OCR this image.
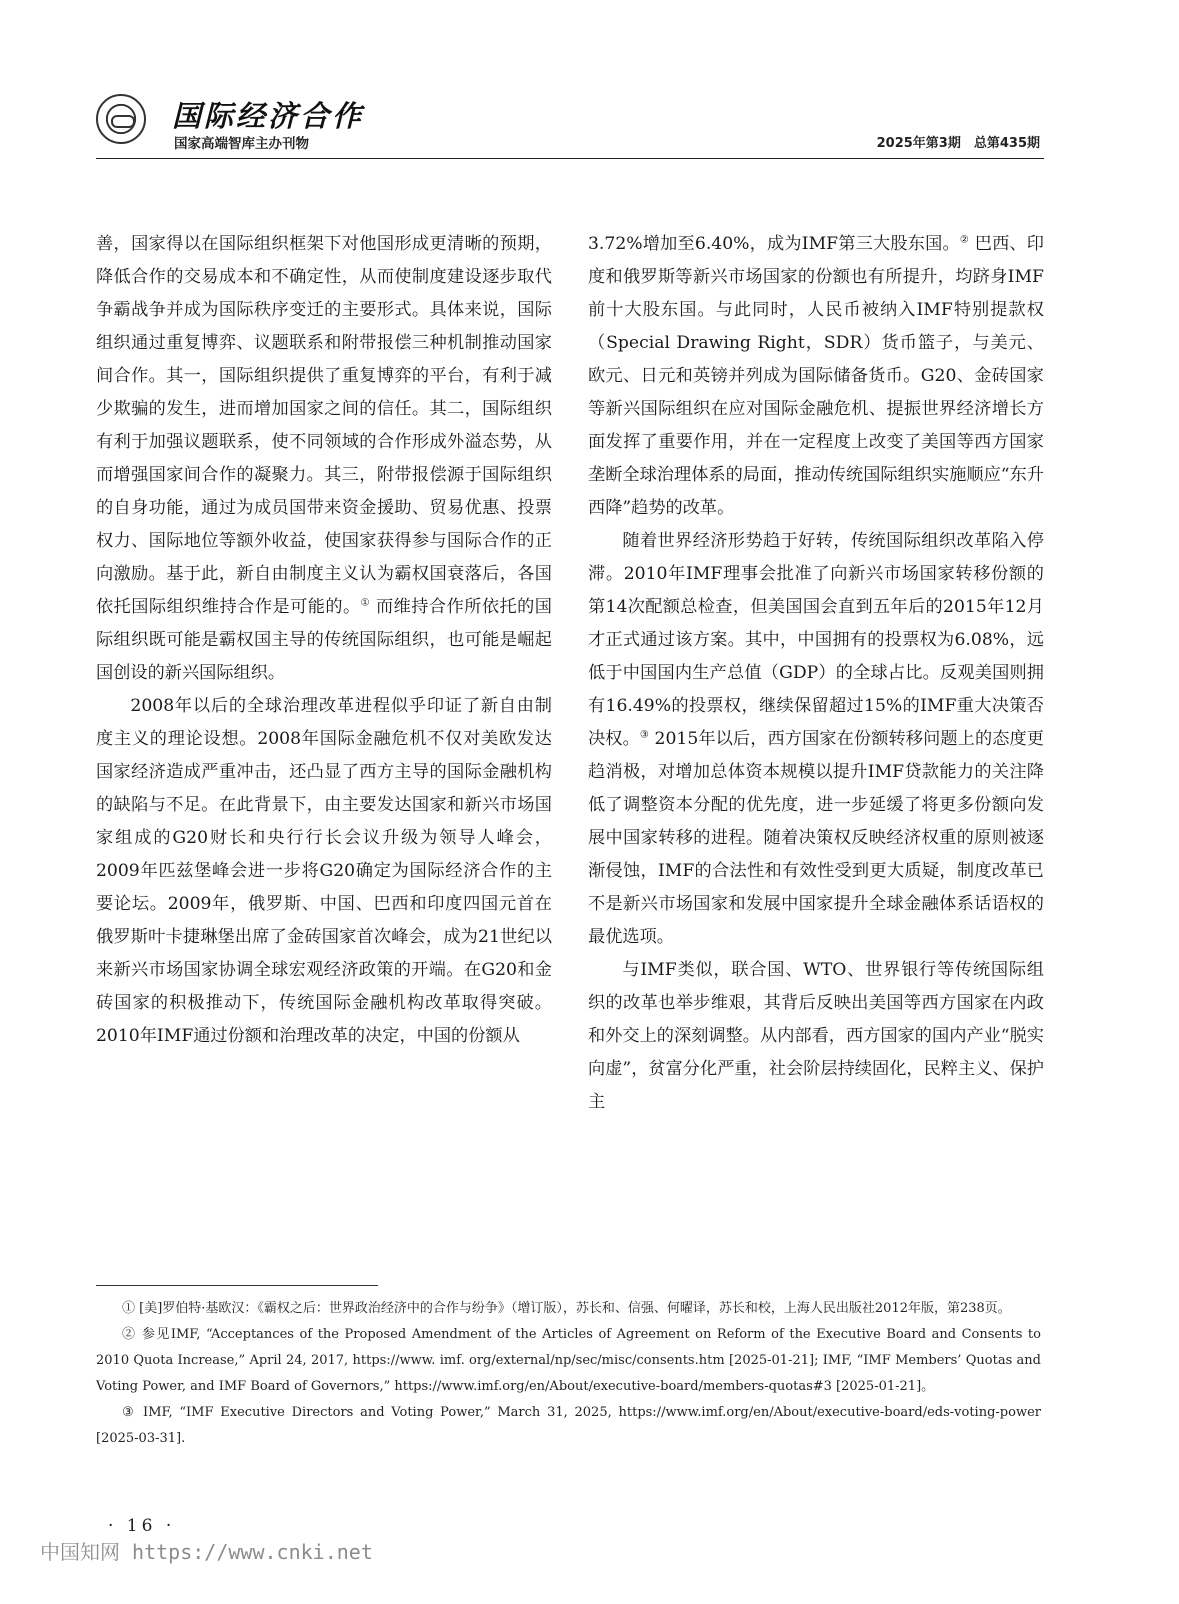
国际经济合作
国家高端智库主办刊物	2025年第3期　总第435期

善，国家得以在国际组织框架下对他国形成更清晰的预期，降低合作的交易成本和不确定性，从而使制度建设逐步取代争霸战争并成为国际秩序变迁的主要形式。具体来说，国际组织通过重复博弈、议题联系和附带报偿三种机制推动国家间合作。其一，国际组织提供了重复博弈的平台，有利于减少欺骗的发生，进而增加国家之间的信任。其二，国际组织有利于加强议题联系，使不同领域的合作形成外溢态势，从而增强国家间合作的凝聚力。其三，附带报偿源于国际组织的自身功能，通过为成员国带来资金援助、贸易优惠、投票权力、国际地位等额外收益，使国家获得参与国际合作的正向激励。基于此，新自由制度主义认为霸权国衰落后，各国依托国际组织维持合作是可能的。① 而维持合作所依托的国际组织既可能是霸权国主导的传统国际组织，也可能是崛起国创设的新兴国际组织。

2008年以后的全球治理改革进程似乎印证了新自由制度主义的理论设想。2008年国际金融危机不仅对美欧发达国家经济造成严重冲击，还凸显了西方主导的国际金融机构的缺陷与不足。在此背景下，由主要发达国家和新兴市场国家组成的G20财长和央行行长会议升级为领导人峰会，2009年匹兹堡峰会进一步将G20确定为国际经济合作的主要论坛。2009年，俄罗斯、中国、巴西和印度四国元首在俄罗斯叶卡捷琳堡出席了金砖国家首次峰会，成为21世纪以来新兴市场国家协调全球宏观经济政策的开端。在G20和金砖国家的积极推动下，传统国际金融机构改革取得突破。2010年IMF通过份额和治理改革的决定，中国的份额从

3.72%增加至6.40%，成为IMF第三大股东国。② 巴西、印度和俄罗斯等新兴市场国家的份额也有所提升，均跻身IMF前十大股东国。与此同时，人民币被纳入IMF特别提款权（Special Drawing Right，SDR）货币篮子，与美元、欧元、日元和英镑并列成为国际储备货币。G20、金砖国家等新兴国际组织在应对国际金融危机、提振世界经济增长方面发挥了重要作用，并在一定程度上改变了美国等西方国家垄断全球治理体系的局面，推动传统国际组织实施顺应“东升西降”趋势的改革。

随着世界经济形势趋于好转，传统国际组织改革陷入停滞。2010年IMF理事会批准了向新兴市场国家转移份额的第14次配额总检查，但美国国会直到五年后的2015年12月才正式通过该方案。其中，中国拥有的投票权为6.08%，远低于中国国内生产总值（GDP）的全球占比。反观美国则拥有16.49%的投票权，继续保留超过15%的IMF重大决策否决权。③ 2015年以后，西方国家在份额转移问题上的态度更趋消极，对增加总体资本规模以提升IMF贷款能力的关注降低了调整资本分配的优先度，进一步延缓了将更多份额向发展中国家转移的进程。随着决策权反映经济权重的原则被逐渐侵蚀，IMF的合法性和有效性受到更大质疑，制度改革已不是新兴市场国家和发展中国家提升全球金融体系话语权的最优选项。

与IMF类似，联合国、WTO、世界银行等传统国际组织的改革也举步维艰，其背后反映出美国等西方国家在内政和外交上的深刻调整。从内部看，西方国家的国内产业“脱实向虚”，贫富分化严重，社会阶层持续固化，民粹主义、保护主

① [美]罗伯特·基欧汉：《霸权之后：世界政治经济中的合作与纷争》（增订版），苏长和、信强、何曜译，苏长和校，上海人民出版社2012年版，第238页。

② 参见IMF, “Acceptances of the Proposed Amendment of the Articles of Agreement on Reform of the Executive Board and Consents to 2010 Quota Increase,” April 24, 2017, https://www. imf. org/external/np/sec/misc/consents.htm [2025-01-21]; IMF, “IMF Members’ Quotas and Voting Power, and IMF Board of Governors,” https://www.imf.org/en/About/executive-board/members-quotas#3 [2025-01-21]。

③ IMF, “IMF Executive Directors and Voting Power,” March 31, 2025, https://www.imf.org/en/About/executive-board/eds-voting-power [2025-03-31].

· 16 ·
中国知网 https://www.cnki.net
